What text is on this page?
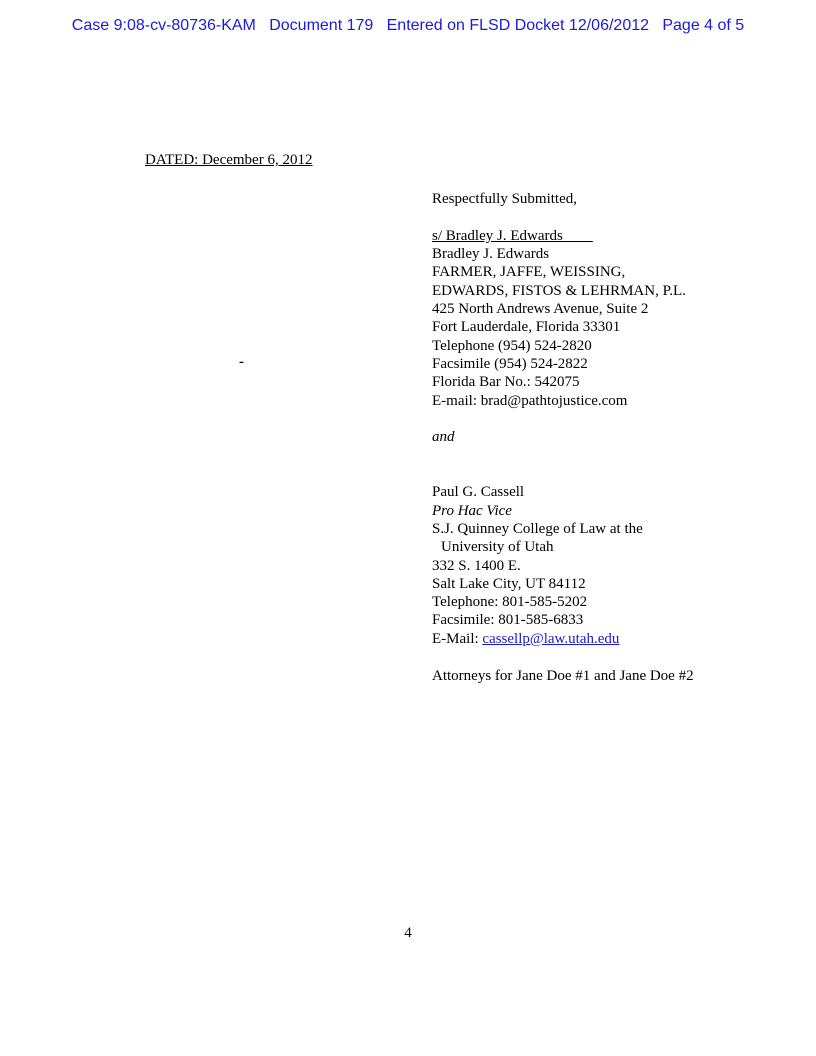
Case 9:08-cv-80736-KAM   Document 179   Entered on FLSD Docket 12/06/2012   Page 4 of 5
DATED: December 6, 2012
-
Respectfully Submitted,
s/ Bradley J. Edwards
Bradley J. Edwards
FARMER, JAFFE, WEISSING,
EDWARDS, FISTOS & LEHRMAN, P.L.
425 North Andrews Avenue, Suite 2
Fort Lauderdale, Florida 33301
Telephone (954) 524-2820
Facsimile (954) 524-2822
Florida Bar No.: 542075
E-mail: brad@pathtojustice.com
and
Paul G. Cassell
Pro Hac Vice
S.J. Quinney College of Law at the
University of Utah
332 S. 1400 E.
Salt Lake City, UT 84112
Telephone: 801-585-5202
Facsimile: 801-585-6833
E-Mail: cassellp@law.utah.edu
Attorneys for Jane Doe #1 and Jane Doe #2
4
